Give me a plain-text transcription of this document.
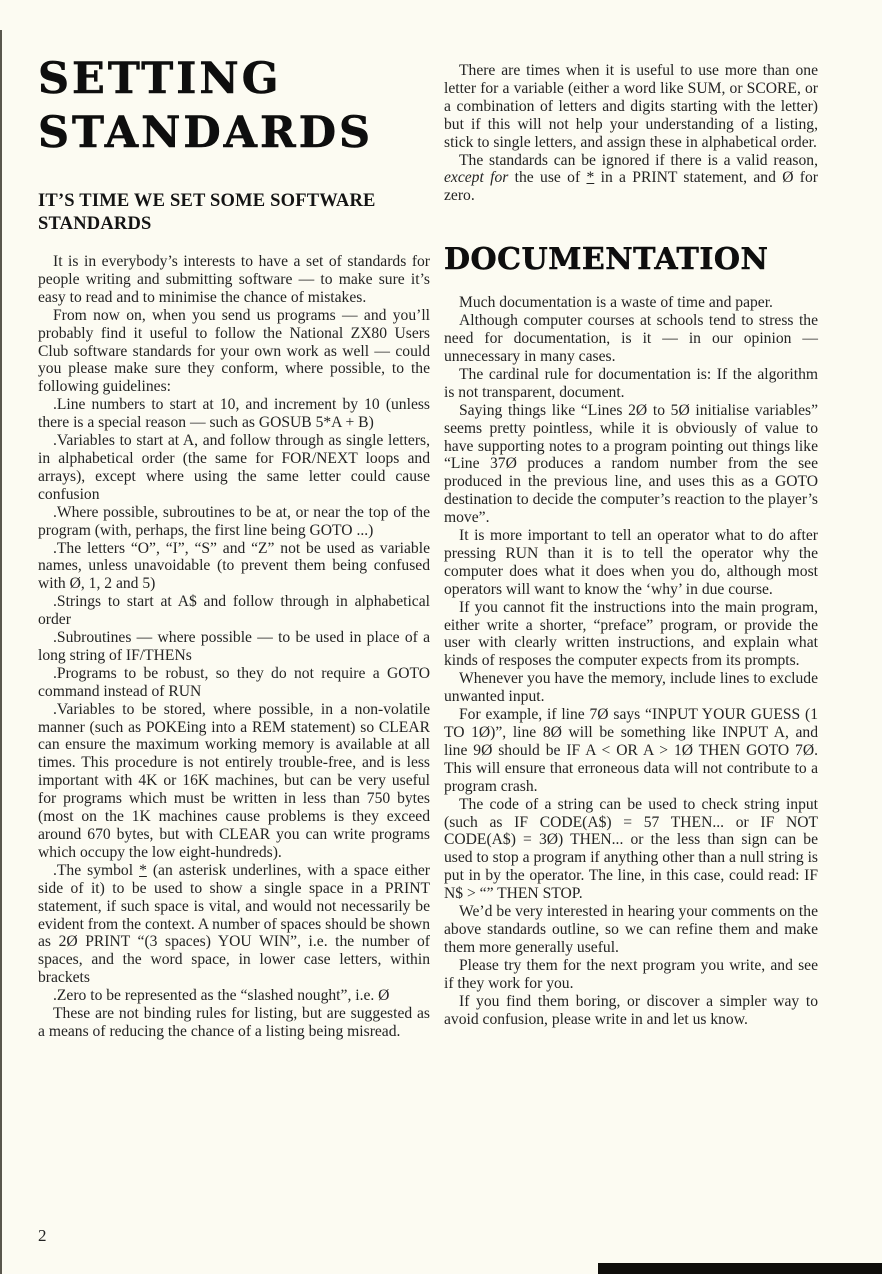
SETTING
STANDARDS
IT’S TIME WE SET SOME SOFTWARE STANDARDS

It is in everybody’s interests to have a set of standards for people writing and submitting software — to make sure it’s easy to read and to minimise the chance of mistakes.

From now on, when you send us programs — and you’ll probably find it useful to follow the National ZX80 Users Club software standards for your own work as well — could you please make sure they conform, where possible, to the following guidelines:

.Line numbers to start at 10, and increment by 10 (unless there is a special reason — such as GOSUB 5*A + B)

.Variables to start at A, and follow through as single letters, in alphabetical order (the same for FOR/NEXT loops and arrays), except where using the same letter could cause confusion

.Where possible, subroutines to be at, or near the top of the program (with, perhaps, the first line being GOTO ...)

.The letters “O”, “I”, “S” and “Z” not be used as variable names, unless unavoidable (to prevent them being confused with Ø, 1, 2 and 5)

.Strings to start at A$ and follow through in alphabetical order

.Subroutines — where possible — to be used in place of a long string of IF/THENs

.Programs to be robust, so they do not require a GOTO command instead of RUN

.Variables to be stored, where possible, in a non-volatile manner (such as POKEing into a REM statement) so CLEAR can ensure the maximum working memory is available at all times. This procedure is not entirely trouble-free, and is less important with 4K or 16K machines, but can be very useful for programs which must be written in less than 750 bytes (most on the 1K machines cause problems is they exceed around 670 bytes, but with CLEAR you can write programs which occupy the low eight-hundreds).

.The symbol * (an asterisk underlines, with a space either side of it) to be used to show a single space in a PRINT statement, if such space is vital, and would not necessarily be evident from the context. A number of spaces should be shown as 2Ø PRINT “(3 spaces) YOU WIN”, i.e. the number of spaces, and the word space, in lower case letters, within brackets

.Zero to be represented as the “slashed nought”, i.e. Ø

These are not binding rules for listing, but are suggested as a means of reducing the chance of a listing being misread.

There are times when it is useful to use more than one letter for a variable (either a word like SUM, or SCORE, or a combination of letters and digits starting with the letter) but if this will not help your understanding of a listing, stick to single letters, and assign these in alphabetical order.

The standards can be ignored if there is a valid reason, except for the use of * in a PRINT statement, and Ø for zero.

DOCUMENTATION

Much documentation is a waste of time and paper.

Although computer courses at schools tend to stress the need for documentation, is it — in our opinion — unnecessary in many cases.

The cardinal rule for documentation is: If the algorithm is not transparent, document.

Saying things like “Lines 2Ø to 5Ø initialise variables” seems pretty pointless, while it is obviously of value to have supporting notes to a program pointing out things like “Line 37Ø produces a random number from the see produced in the previous line, and uses this as a GOTO destination to decide the computer’s reaction to the player’s move”.

It is more important to tell an operator what to do after pressing RUN than it is to tell the operator why the computer does what it does when you do, although most operators will want to know the ‘why’ in due course.

If you cannot fit the instructions into the main program, either write a shorter, “preface” program, or provide the user with clearly written instructions, and explain what kinds of resposes the computer expects from its prompts.

Whenever you have the memory, include lines to exclude unwanted input.

For example, if line 7Ø says “INPUT YOUR GUESS (1 TO 1Ø)”, line 8Ø will be something like INPUT A, and line 9Ø should be IF A < OR A > 1Ø THEN GOTO 7Ø. This will ensure that erroneous data will not contribute to a program crash.

The code of a string can be used to check string input (such as IF CODE(A$) = 57 THEN... or IF NOT CODE(A$) = 3Ø) THEN... or the less than sign can be used to stop a program if anything other than a null string is put in by the operator. The line, in this case, could read: IF N$ > “” THEN STOP.

We’d be very interested in hearing your comments on the above standards outline, so we can refine them and make them more generally useful.

Please try them for the next program you write, and see if they work for you.

If you find them boring, or discover a simpler way to avoid confusion, please write in and let us know.

2
